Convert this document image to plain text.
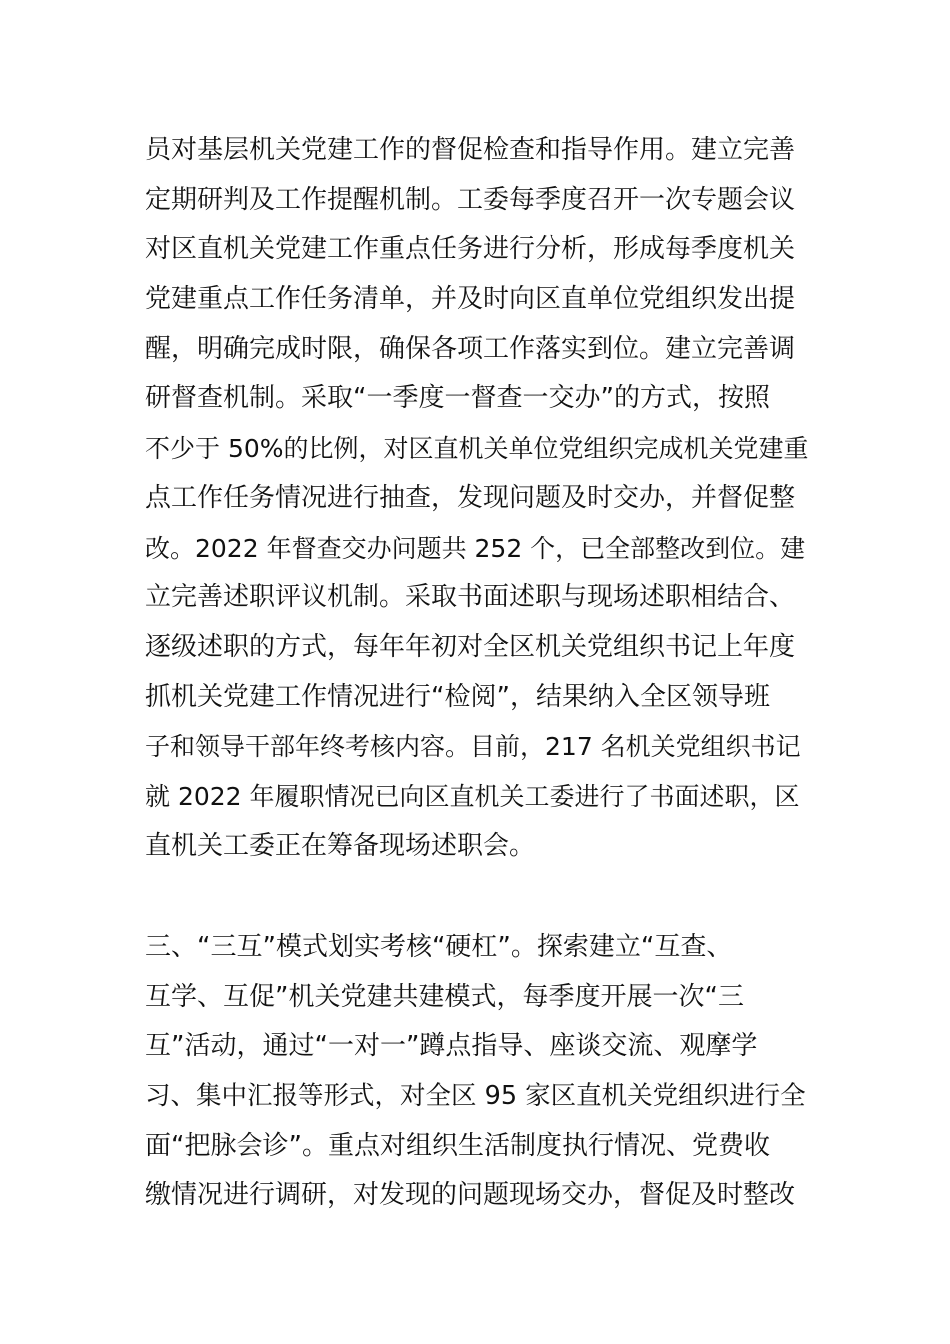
员对基层机关党建工作的督促检查和指导作用。建立完善
定期研判及工作提醒机制。工委每季度召开一次专题会议
对区直机关党建工作重点任务进行分析，形成每季度机关
党建重点工作任务清单，并及时向区直单位党组织发出提
醒，明确完成时限，确保各项工作落实到位。建立完善调
研督查机制。采取“一季度一督查一交办”的方式，按照
不少于 50%的比例，对区直机关单位党组织完成机关党建重
点工作任务情况进行抽查，发现问题及时交办，并督促整
改。2022 年督查交办问题共 252 个，已全部整改到位。建
立完善述职评议机制。采取书面述职与现场述职相结合、
逐级述职的方式，每年年初对全区机关党组织书记上年度
抓机关党建工作情况进行“检阅”，结果纳入全区领导班
子和领导干部年终考核内容。目前，217 名机关党组织书记
就 2022 年履职情况已向区直机关工委进行了书面述职，区
直机关工委正在筹备现场述职会。

三、“三互”模式划实考核“硬杠”。探索建立“互查、
互学、互促”机关党建共建模式，每季度开展一次“三
互”活动，通过“一对一”蹲点指导、座谈交流、观摩学
习、集中汇报等形式，对全区 95 家区直机关党组织进行全
面“把脉会诊”。重点对组织生活制度执行情况、党费收
缴情况进行调研，对发现的问题现场交办，督促及时整改
